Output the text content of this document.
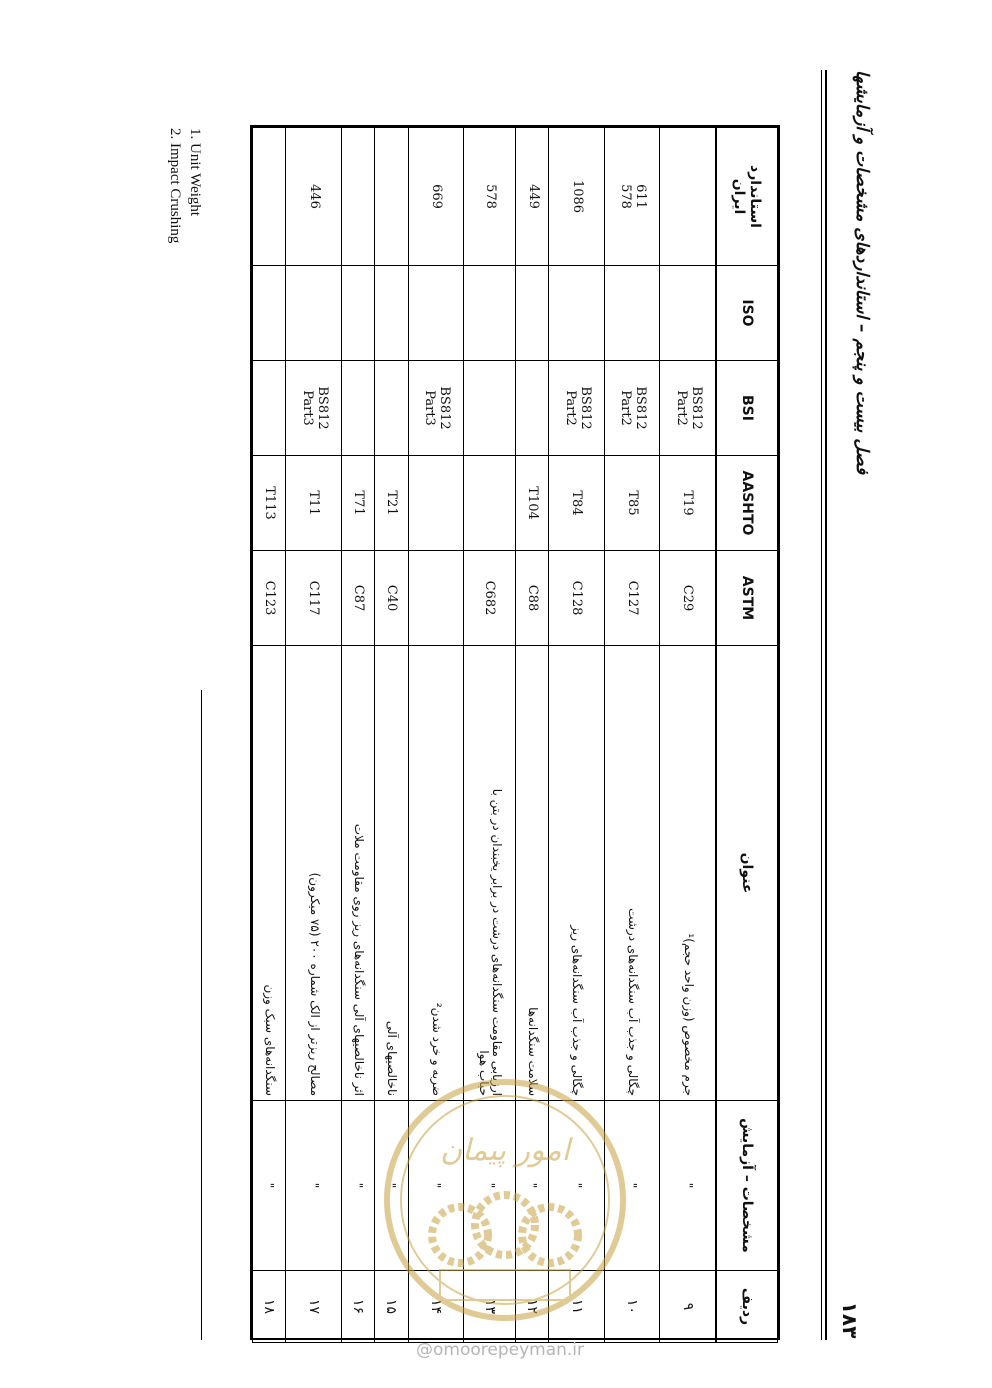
۱۸۳
فصل بیست و پنجم – استانداردهای مشخصات و آزمایشها
ردیف	مشخصات – آزمایش	عنوان	ASTM	AASHTO	BSI	ISO	استاندارد
ایران

۹	"	جرم مخصوص (وزن واحد حجم)¹	C29	T19	BS812
Part2		

۱۰	"	چگالی و جذب آب سنگدانه‌های درشت	C127	T85	BS812
Part2		611
578

۱۱	"	چگالی و جذب آب سنگدانه‌های ریز	C128	T84	BS812
Part2		1086

۱۲	"	سلامت سنگدانه‌ها	C88	T104			449

۱۳	"	ارزیابی مقاومت سنگدانه‌های درشت در برابر یخبندان در بتن با
حباب هوا	C682				578

۱۴	"	ضربه و خرد شدن²			BS812
Part3		669

۱۵	"	ناخالصیهای آلی	C40	T21	

۱۶	"	اثر ناخالصیهای آلی سنگدانه‌های ریز روی مقاومت ملات	C87	T71	

۱۷	"	مصالح ریزتر از الک شماره ۲۰۰ (۷۵ میکرون)	C117	T11	BS812
Part3		446

۱۸	"	سنگدانه‌های سبک وزن	C123	T113	

1. Unit Weight
2. Impact Crushing
امور پیمان
@omoorepeyman.ir
